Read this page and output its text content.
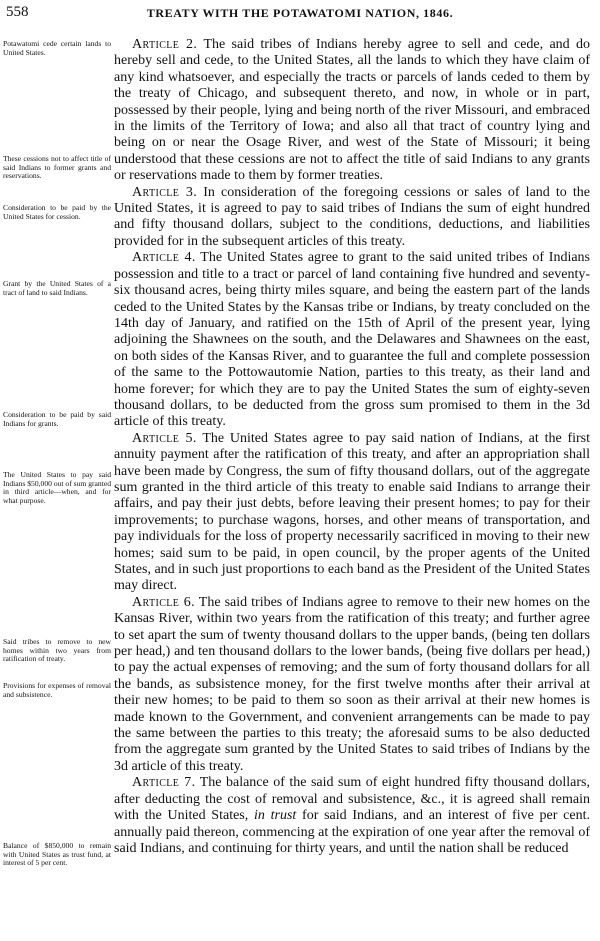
558	TREATY WITH THE POTAWATOMI NATION, 1846.
Potawatomi cede certain lands to United States.
These cessions not to affect title of said Indians to former grants and reservations.
Consideration to be paid by the United States for cession.
Grant by the United States of a tract of land to said Indians.
Consideration to be paid by said Indians for grants.
The United States to pay said Indians $50,000 out of sum granted in third article—when, and for what purpose.
Said tribes to remove to new homes within two years from ratification of treaty.
Provisions for expenses of removal and subsistence.
Balance of $850,000 to remain with United States as trust fund, at interest of 5 per cent.

Article 2. The said tribes of Indians hereby agree to sell and cede, and do hereby sell and cede, to the United States, all the lands to which they have claim of any kind whatsoever, and especially the tracts or parcels of lands ceded to them by the treaty of Chicago, and subsequent thereto, and now, in whole or in part, possessed by their people, lying and being north of the river Missouri, and embraced in the limits of the Territory of Iowa; and also all that tract of country lying and being on or near the Osage River, and west of the State of Missouri; it being understood that these cessions are not to affect the title of said Indians to any grants or reservations made to them by former treaties.

Article 3. In consideration of the foregoing cessions or sales of land to the United States, it is agreed to pay to said tribes of Indians the sum of eight hundred and fifty thousand dollars, subject to the conditions, deductions, and liabilities provided for in the subsequent articles of this treaty.

Article 4. The United States agree to grant to the said united tribes of Indians possession and title to a tract or parcel of land containing five hundred and seventy-six thousand acres, being thirty miles square, and being the eastern part of the lands ceded to the United States by the Kansas tribe or Indians, by treaty concluded on the 14th day of January, and ratified on the 15th of April of the present year, lying adjoining the Shawnees on the south, and the Delawares and Shawnees on the east, on both sides of the Kansas River, and to guarantee the full and complete possession of the same to the Pottowautomie Nation, parties to this treaty, as their land and home forever; for which they are to pay the United States the sum of eighty-seven thousand dollars, to be deducted from the gross sum promised to them in the 3d article of this treaty.

Article 5. The United States agree to pay said nation of Indians, at the first annuity payment after the ratification of this treaty, and after an appropriation shall have been made by Congress, the sum of fifty thousand dollars, out of the aggregate sum granted in the third article of this treaty to enable said Indians to arrange their affairs, and pay their just debts, before leaving their present homes; to pay for their improvements; to purchase wagons, horses, and other means of transportation, and pay individuals for the loss of property necessarily sacrificed in moving to their new homes; said sum to be paid, in open council, by the proper agents of the United States, and in such just proportions to each band as the President of the United States may direct.

Article 6. The said tribes of Indians agree to remove to their new homes on the Kansas River, within two years from the ratification of this treaty; and further agree to set apart the sum of twenty thousand dollars to the upper bands, (being ten dollars per head,) and ten thousand dollars to the lower bands, (being five dollars per head,) to pay the actual expenses of removing; and the sum of forty thousand dollars for all the bands, as subsistence money, for the first twelve months after their arrival at their new homes; to be paid to them so soon as their arrival at their new homes is made known to the Government, and convenient arrangements can be made to pay the same between the parties to this treaty; the aforesaid sums to be also deducted from the aggregate sum granted by the United States to said tribes of Indians by the 3d article of this treaty.

Article 7. The balance of the said sum of eight hundred fifty thousand dollars, after deducting the cost of removal and subsistence, &c., it is agreed shall remain with the United States, in trust for said Indians, and an interest of five per cent. annually paid thereon, commencing at the expiration of one year after the removal of said Indians, and continuing for thirty years, and until the nation shall be reduced
